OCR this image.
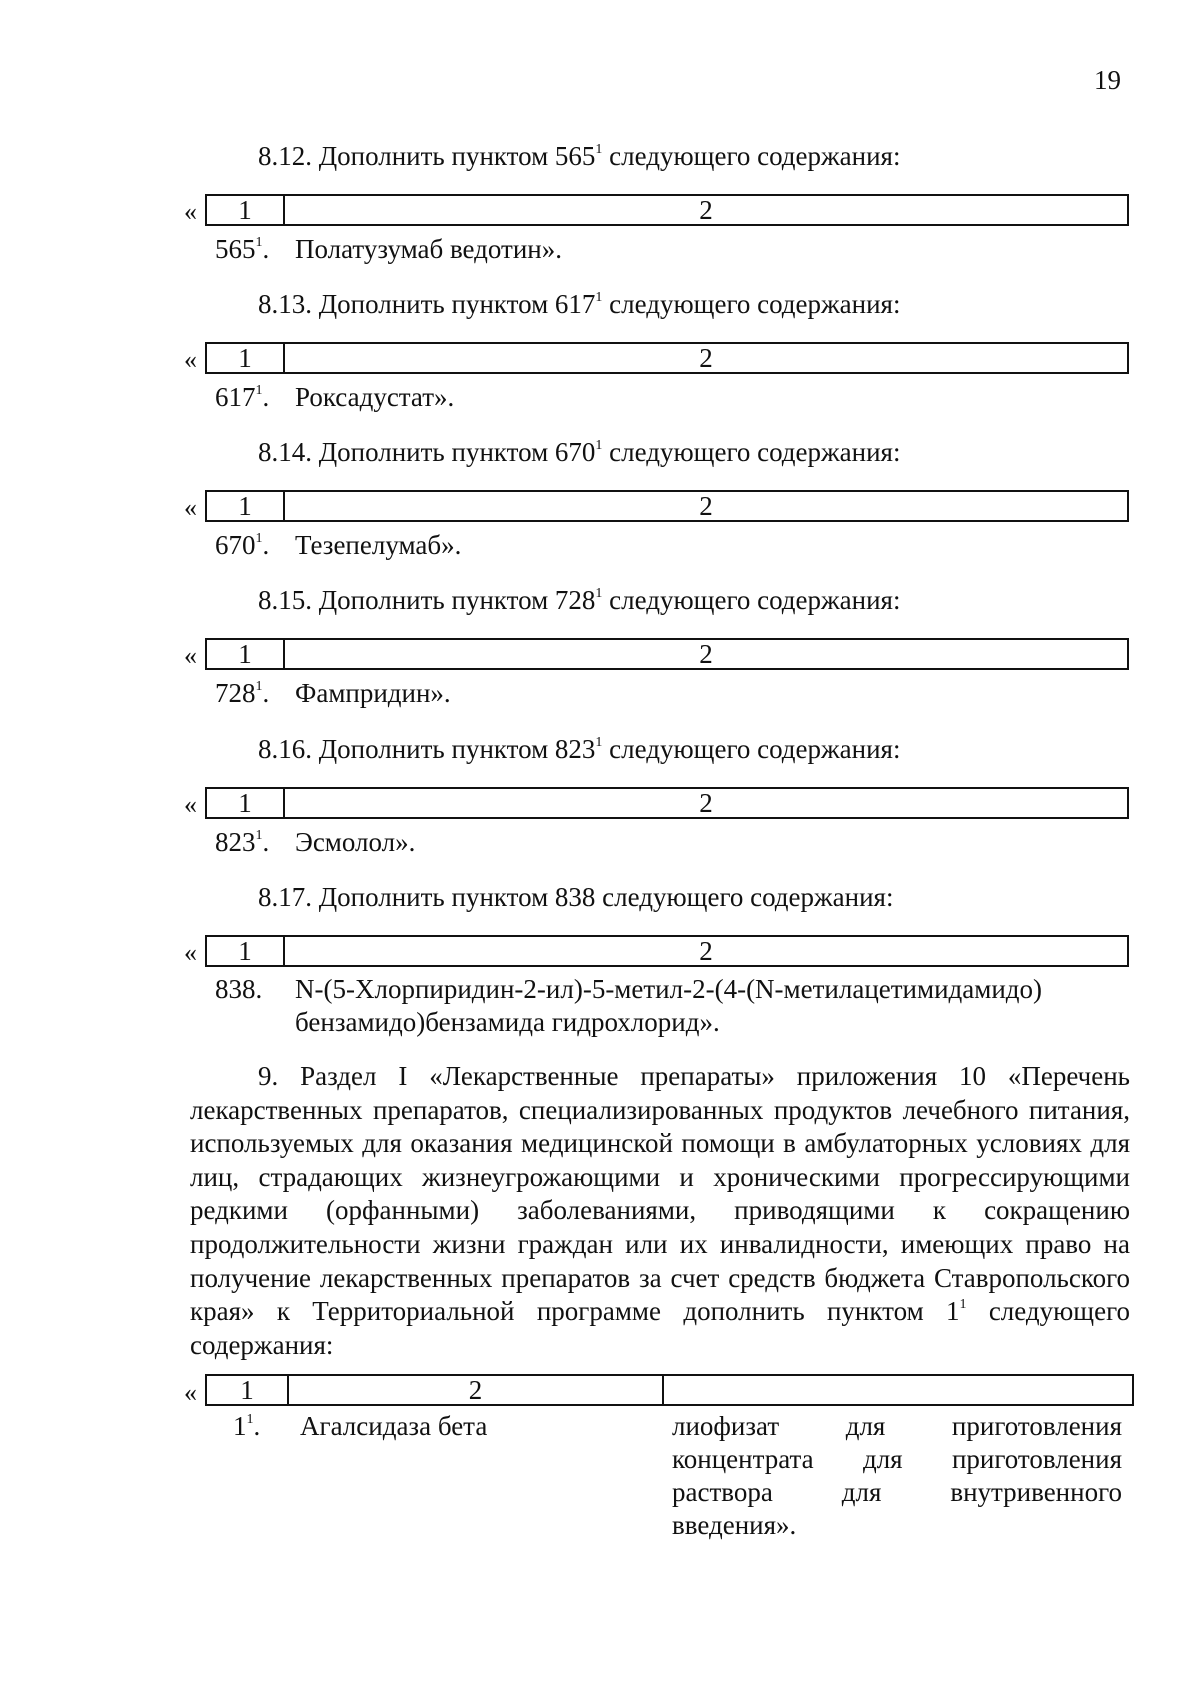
19
8.12. Дополнить пунктом $565^1$ следующего содержания:
«	1	2
$565^1$. Полатузумаб ведотин».
8.13. Дополнить пунктом $617^1$ следующего содержания:
«	1	2
$617^1$. Роксадустат».
8.14. Дополнить пунктом $670^1$ следующего содержания:
«	1	2
$670^1$. Тезепелумаб».
8.15. Дополнить пунктом $728^1$ следующего содержания:
«	1	2
$728^1$. Фампридин».
8.16. Дополнить пунктом $823^1$ следующего содержания:
«	1	2
$823^1$. Эсмолол».
8.17. Дополнить пунктом 838 следующего содержания:
«	1	2
838. N-(5-Хлорпиридин-2-ил)-5-метил-2-(4-(N-метилацетимидамидо)
бензамидо)бензамида гидрохлорид».
9. Раздел I «Лекарственные препараты» приложения 10 «Перечень лекарственных препаратов, специализированных продуктов лечебного питания, используемых для оказания медицинской помощи в амбулаторных условиях для лиц, страдающих жизнеугрожающими и хроническими прогрессирующими редкими (орфанными) заболеваниями, приводящими к сокращению продолжительности жизни граждан или их инвалидности, имеющих право на получение лекарственных препаратов за счет средств бюджета Ставропольского края» к Территориальной программе дополнить пунктом $1^1$ следующего содержания:
«	1	2
$1^1$. Агалсидаза бета	лиофизат для приготовления концентрата для приготовления раствора для внутривенного введения».
